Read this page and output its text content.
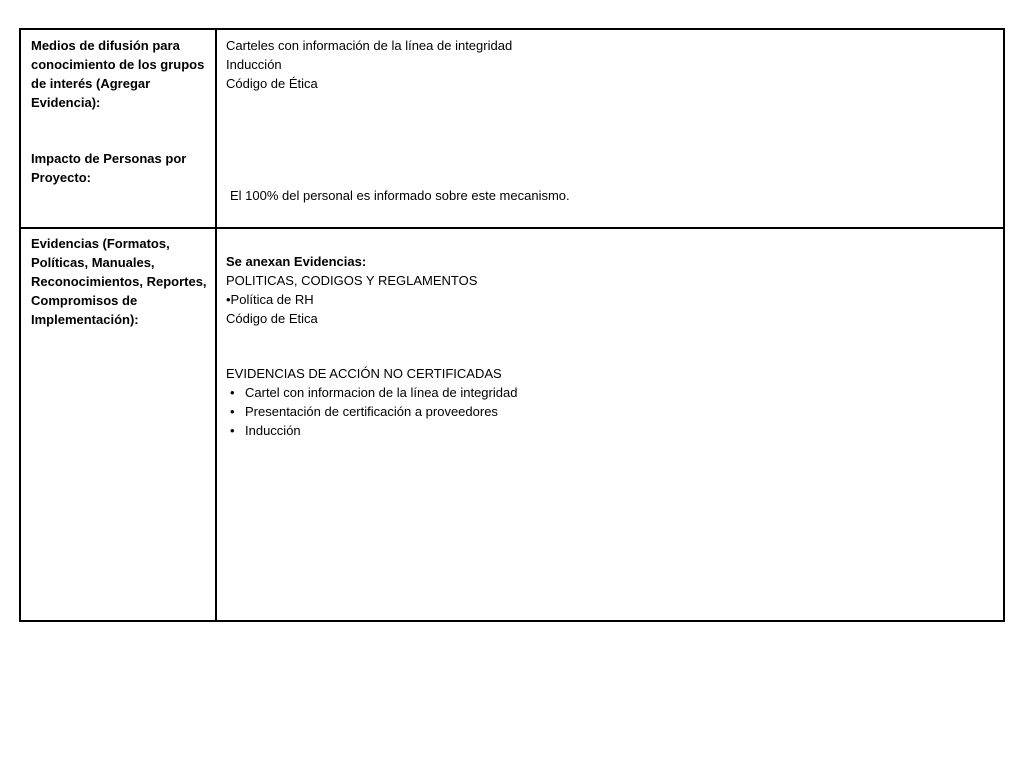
Medios de difusión para conocimiento de los grupos de interés (Agregar Evidencia):
Impacto de Personas por Proyecto:
Carteles con información de la línea de integridad
Inducción
Código de Ética
El 100% del personal es informado sobre este mecanismo.
Evidencias (Formatos, Políticas, Manuales, Reconocimientos, Reportes, Compromisos de Implementación):
Se anexan Evidencias:
POLITICAS, CODIGOS Y REGLAMENTOS
•Política de RH
Código de Etica
EVIDENCIAS DE ACCIÓN NO CERTIFICADAS
• Cartel con informacion de la línea de integridad
• Presentación de certificación a proveedores
• Inducción
